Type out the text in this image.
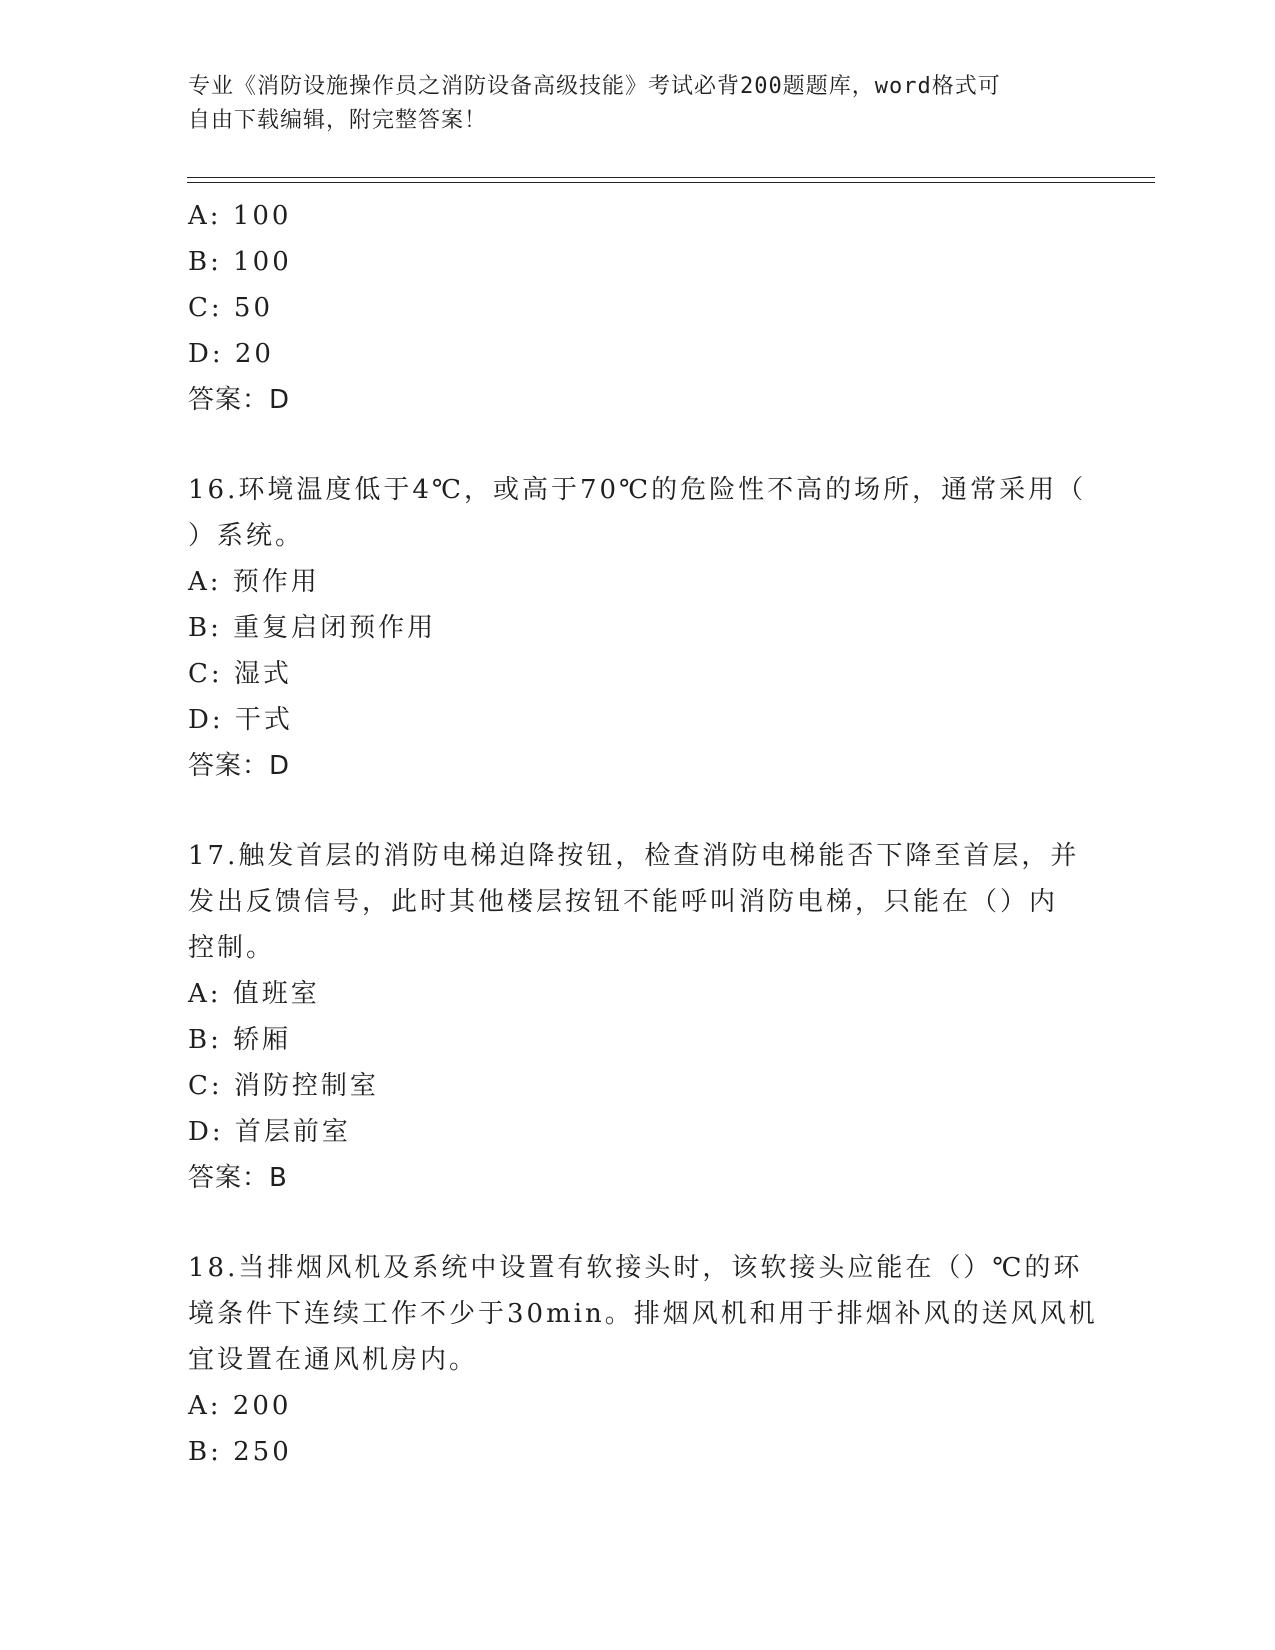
专业《消防设施操作员之消防设备高级技能》考试必背200题题库，word格式可
自由下载编辑，附完整答案！
A: 100
B: 100
C: 50
D: 20
答案：D
16.环境温度低于4℃，或高于70℃的危险性不高的场所，通常采用（
）系统。
A: 预作用
B: 重复启闭预作用
C: 湿式
D: 干式
答案：D
17.触发首层的消防电梯迫降按钮，检查消防电梯能否下降至首层，并
发出反馈信号，此时其他楼层按钮不能呼叫消防电梯，只能在（）内
控制。
A: 值班室
B: 轿厢
C: 消防控制室
D: 首层前室
答案：B
18.当排烟风机及系统中设置有软接头时，该软接头应能在（）℃的环
境条件下连续工作不少于30min。排烟风机和用于排烟补风的送风风机
宜设置在通风机房内。
A: 200
B: 250
